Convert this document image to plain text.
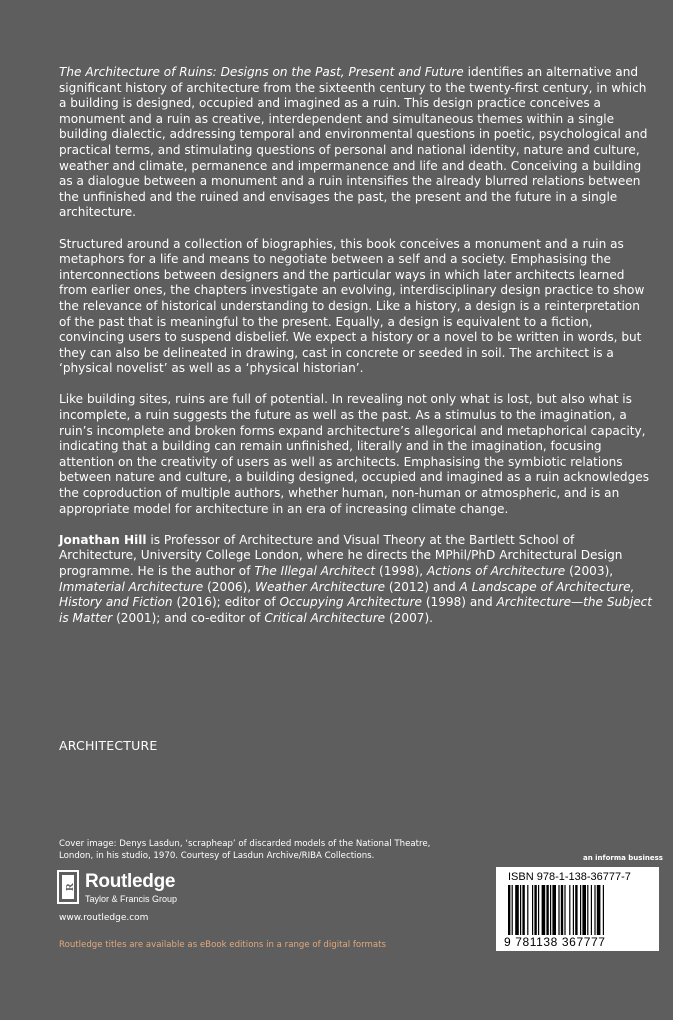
The Architecture of Ruins: Designs on the Past, Present and Future identifies an alternative and significant history of architecture from the sixteenth century to the twenty-first century, in which a building is designed, occupied and imagined as a ruin. This design practice conceives a monument and a ruin as creative, interdependent and simultaneous themes within a single building dialectic, addressing temporal and environmental questions in poetic, psychological and practical terms, and stimulating questions of personal and national identity, nature and culture, weather and climate, permanence and impermanence and life and death. Conceiving a building as a dialogue between a monument and a ruin intensifies the already blurred relations between the unfinished and the ruined and envisages the past, the present and the future in a single architecture.

Structured around a collection of biographies, this book conceives a monument and a ruin as metaphors for a life and means to negotiate between a self and a society. Emphasising the interconnections between designers and the particular ways in which later architects learned from earlier ones, the chapters investigate an evolving, interdisciplinary design practice to show the relevance of historical understanding to design. Like a history, a design is a reinterpretation of the past that is meaningful to the present. Equally, a design is equivalent to a fiction, convincing users to suspend disbelief. We expect a history or a novel to be written in words, but they can also be delineated in drawing, cast in concrete or seeded in soil. The architect is a ‘physical novelist’ as well as a ‘physical historian’.

Like building sites, ruins are full of potential. In revealing not only what is lost, but also what is incomplete, a ruin suggests the future as well as the past. As a stimulus to the imagination, a ruin’s incomplete and broken forms expand architecture’s allegorical and metaphorical capacity, indicating that a building can remain unfinished, literally and in the imagination, focusing attention on the creativity of users as well as architects. Emphasising the symbiotic relations between nature and culture, a building designed, occupied and imagined as a ruin acknowledges the coproduction of multiple authors, whether human, non-human or atmospheric, and is an appropriate model for architecture in an era of increasing climate change.

Jonathan Hill is Professor of Architecture and Visual Theory at the Bartlett School of Architecture, University College London, where he directs the MPhil/PhD Architectural Design programme. He is the author of The Illegal Architect (1998), Actions of Architecture (2003), Immaterial Architecture (2006), Weather Architecture (2012) and A Landscape of Architecture, History and Fiction (2016); editor of Occupying Architecture (1998) and Architecture—the Subject is Matter (2001); and co-editor of Critical Architecture (2007).

ARCHITECTURE
Cover image: Denys Lasdun, ‘scrapheap’ of discarded models of the National Theatre,
London, in his studio, 1970. Courtesy of Lasdun Archive/RIBA Collections.	an informa business
R Routledge
Taylor & Francis Group
www.routledge.com
Routledge titles are available as eBook editions in a range of digital formats
ISBN 978-1-138-36777-7
9 781138 367777
